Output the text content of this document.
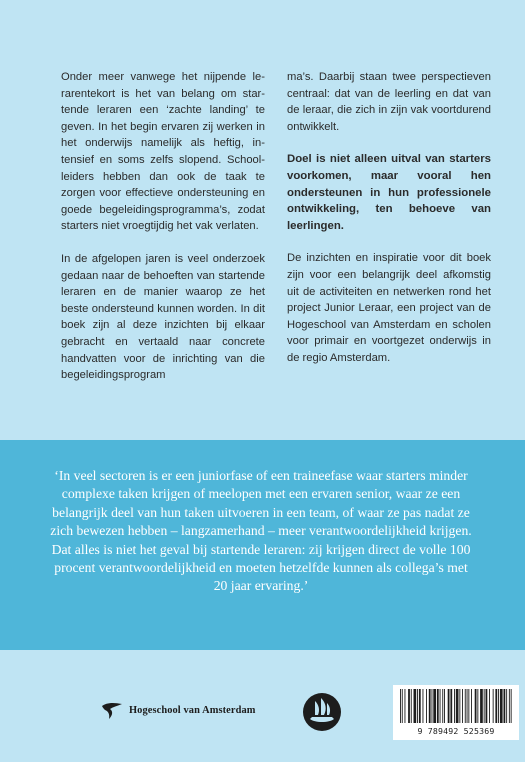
Onder meer vanwege het nijpende lerarentekort is het van belang om startende leraren een ‘zachte landing’ te geven. In het begin ervaren zij werken in het onderwijs namelijk als heftig, intensief en soms zelfs slopend. Schoolleiders hebben dan ook de taak te zorgen voor effectieve ondersteuning en goede begeleidingsprogramma’s, zodat starters niet vroegtijdig het vak verlaten.

In de afgelopen jaren is veel onderzoek gedaan naar de behoeften van startende leraren en de manier waarop ze het beste ondersteund kunnen worden. In dit boek zijn al deze inzichten bij elkaar gebracht en vertaald naar concrete handvatten voor de inrichting van die begeleidingsprogram

ma’s. Daarbij staan twee perspectieven centraal: dat van de leerling en dat van de leraar, die zich in zijn vak voortdurend ontwikkelt.

Doel is niet alleen uitval van starters voorkomen, maar vooral hen ondersteunen in hun professionele ontwikkeling, ten behoeve van leerlingen.

De inzichten en inspiratie voor dit boek zijn voor een belangrijk deel afkomstig uit de activiteiten en netwerken rond het project Junior Leraar, een project van de Hogeschool van Amsterdam en scholen voor primair en voortgezet onderwijs in de regio Amsterdam.

‘In veel sectoren is er een juniorfase of een traineefase waar starters minder complexe taken krijgen of meelopen met een ervaren senior, waar ze een belangrijk deel van hun taken uitvoeren in een team, of waar ze pas nadat ze zich bewezen hebben – langzamerhand – meer verantwoordelijkheid krijgen. Dat alles is niet het geval bij startende leraren: zij krijgen direct de volle 100 procent verantwoordelijkheid en moeten hetzelfde kunnen als collega’s met 20 jaar ervaring.’
Hogeschool van Amsterdam
9 789492 525369
